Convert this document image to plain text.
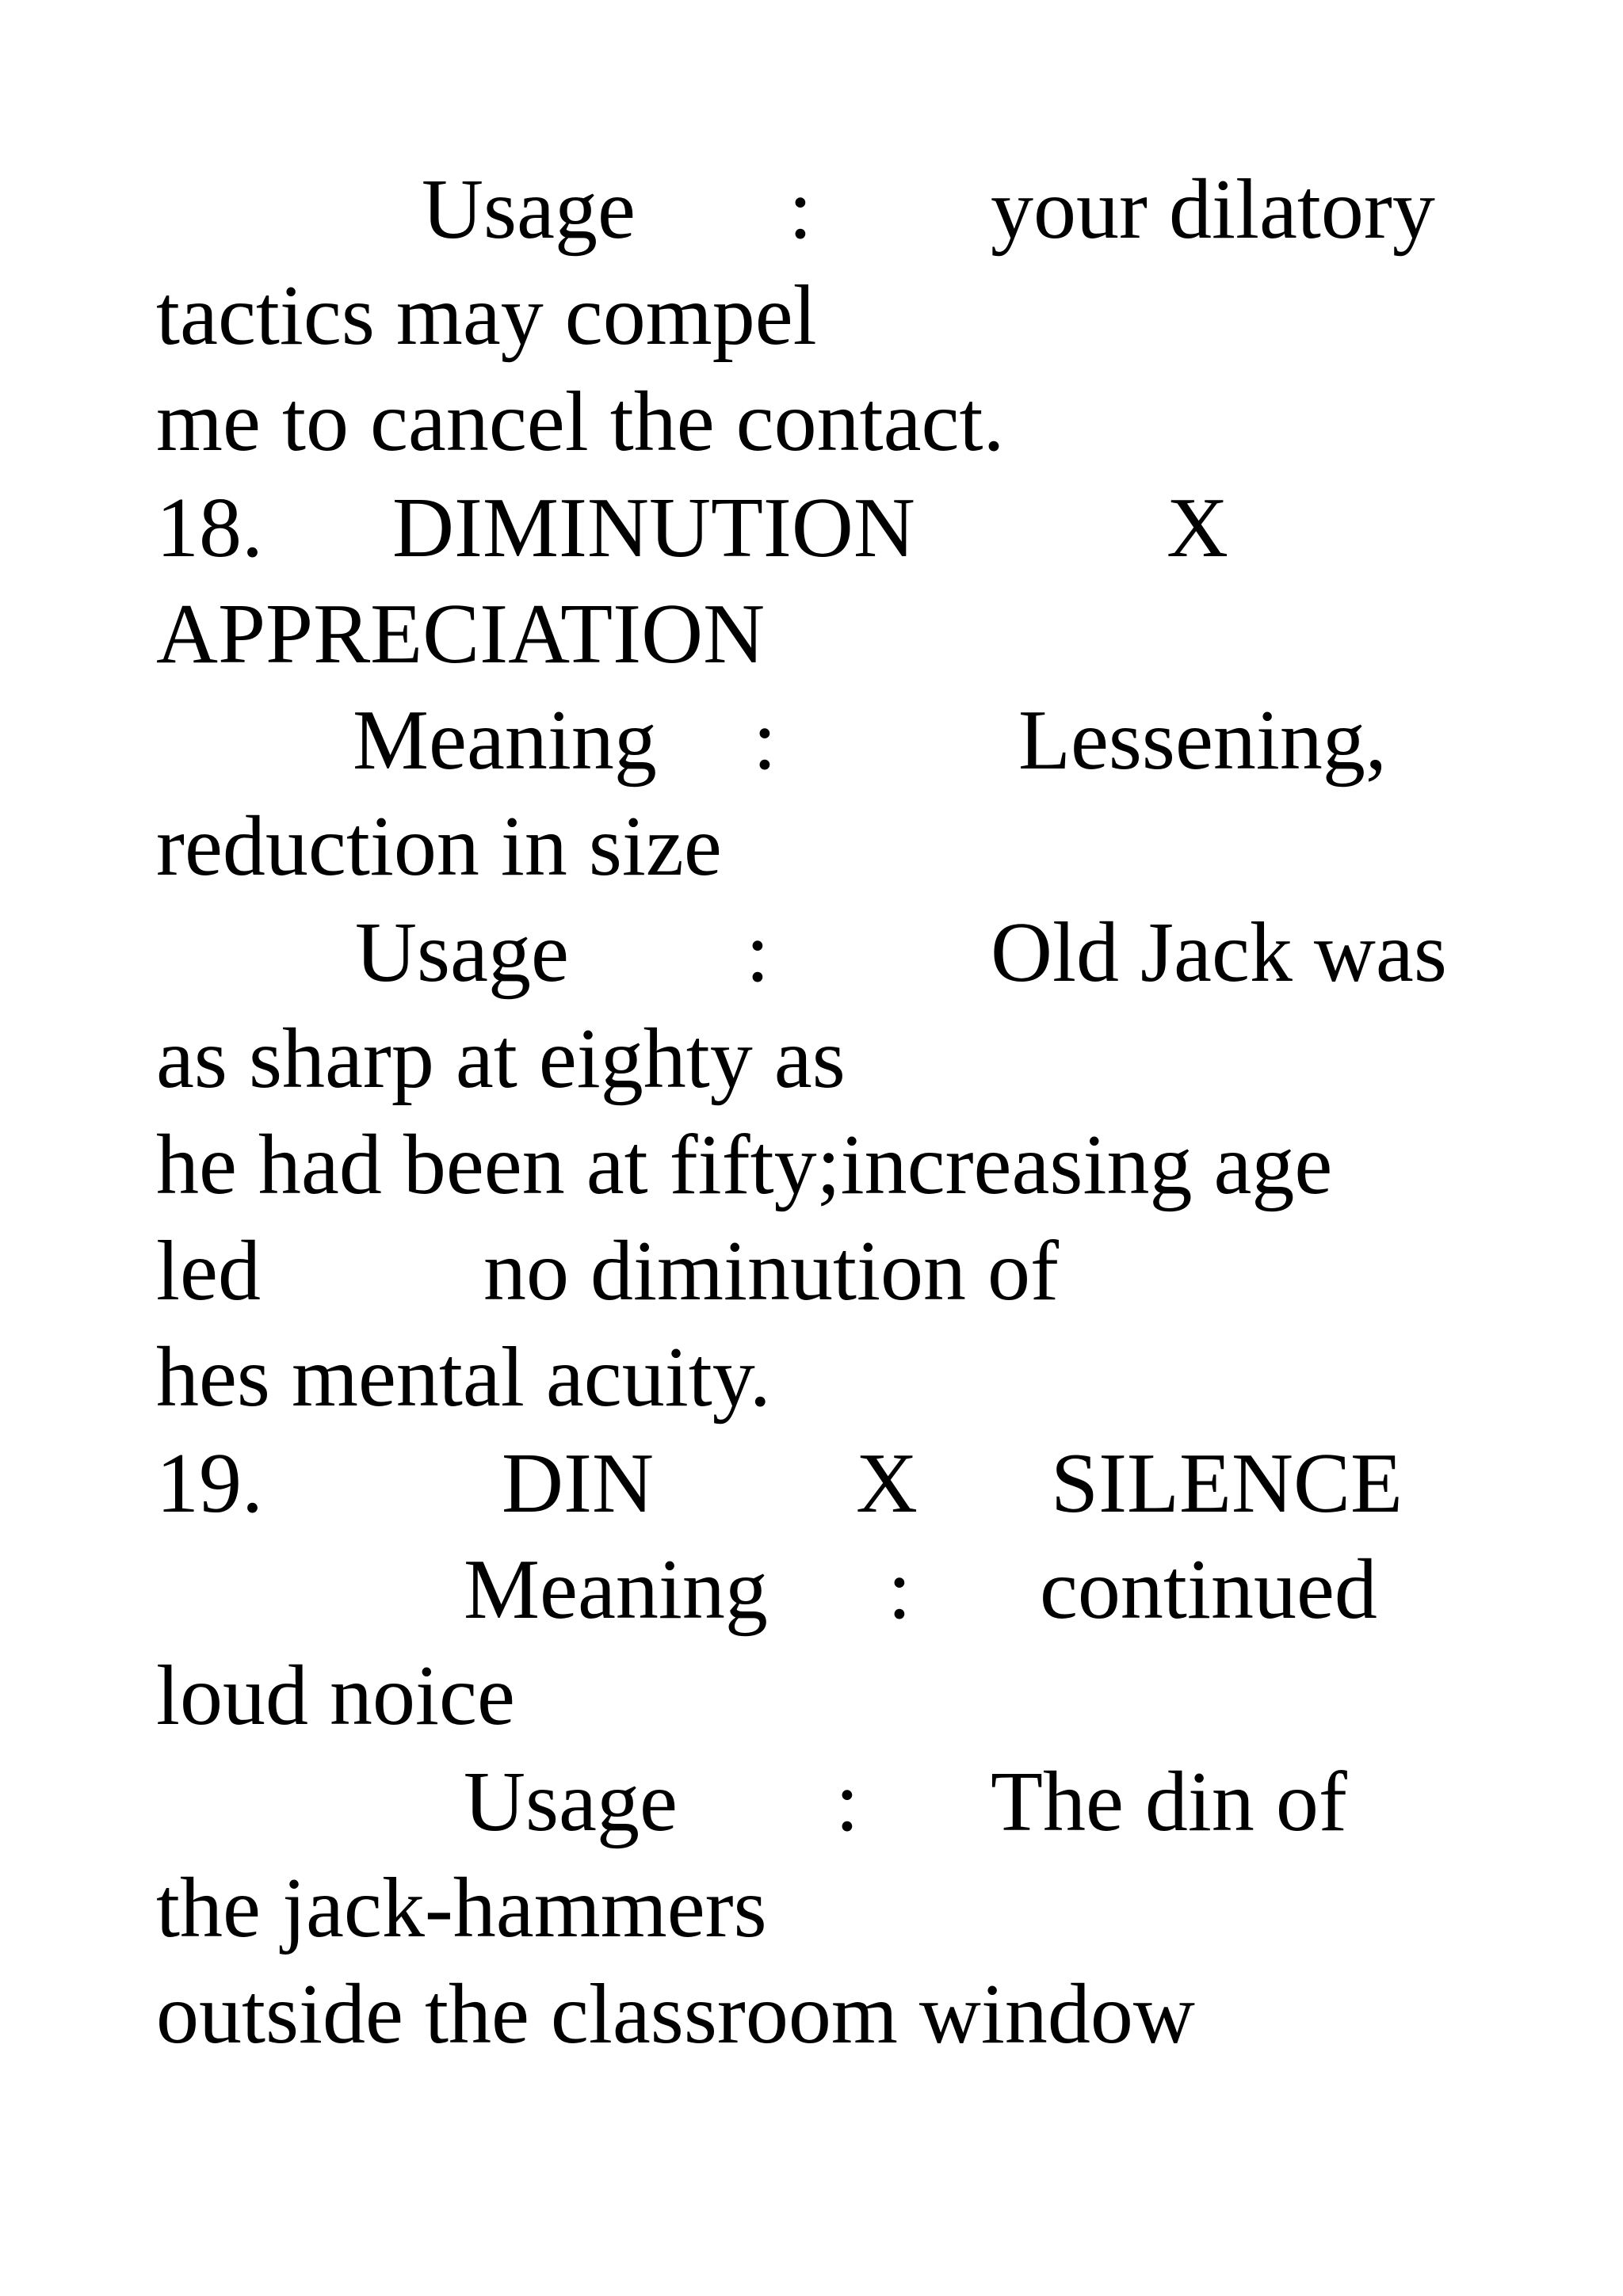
Usage : your dilatory
tactics may compel
me to cancel the contact.
18. DIMINUTION	X
APPRECIATION
Meaning :	Lessening,
reduction in size
Usage :	Old Jack was
as sharp at eighty as
he had been at fifty;increasing age
led	no diminution of
hes mental acuity.
19.	DIN X SILENCE
Meaning : continued
loud noice
Usage : The din of
the jack-hammers
outside the classroom window
